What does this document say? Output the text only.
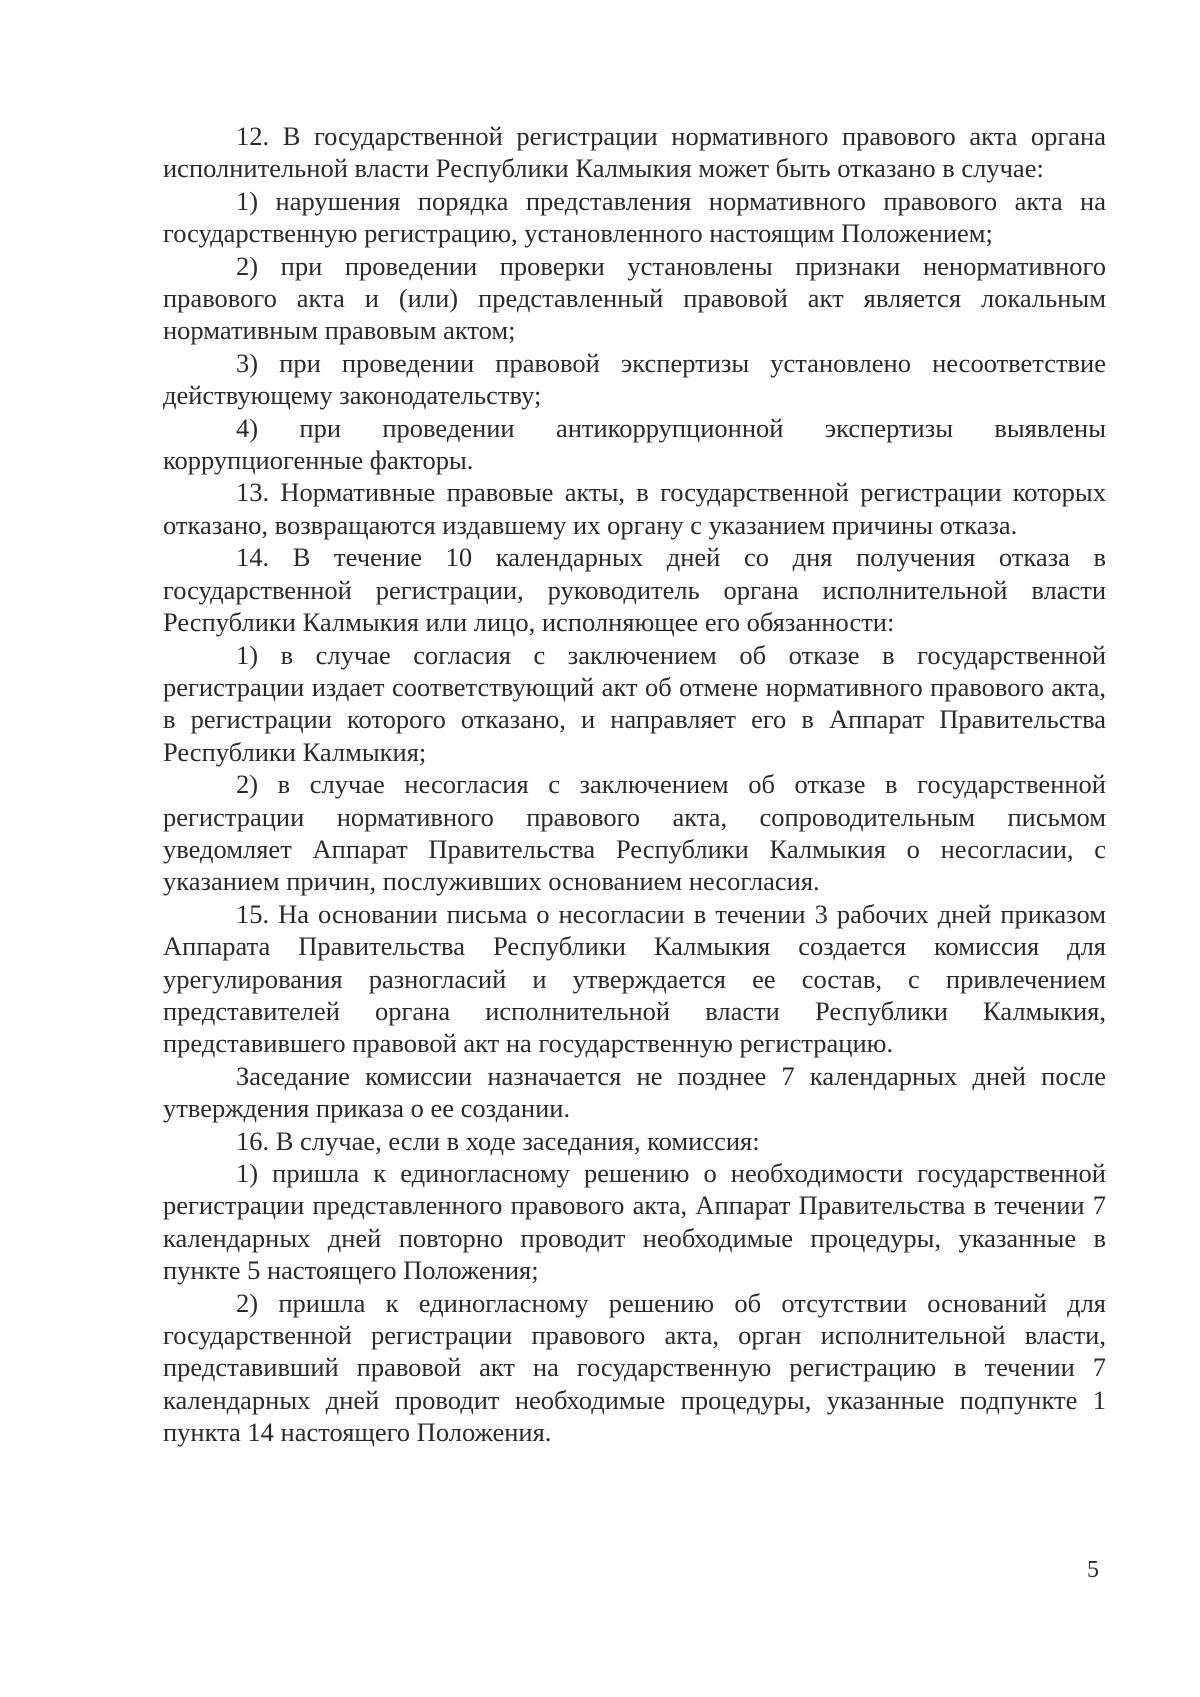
12. В государственной регистрации нормативного правового акта органа исполнительной власти Республики Калмыкия может быть отказано в случае:

1) нарушения порядка представления нормативного правового акта на государственную регистрацию, установленного настоящим Положением;

2) при проведении проверки установлены признаки ненормативного правового акта и (или) представленный правовой акт является локальным нормативным правовым актом;

3) при проведении правовой экспертизы установлено несоответствие действующему законодательству;

4) при проведении антикоррупционной экспертизы выявлены коррупциогенные факторы.

13. Нормативные правовые акты, в государственной регистрации которых отказано, возвращаются издавшему их органу с указанием причины отказа.

14. В течение 10 календарных дней со дня получения отказа в государственной регистрации, руководитель органа исполнительной власти Республики Калмыкия или лицо, исполняющее его обязанности:

1) в случае согласия с заключением об отказе в государственной регистрации издает соответствующий акт об отмене нормативного правового акта, в регистрации которого отказано, и направляет его в Аппарат Правительства Республики Калмыкия;

2) в случае несогласия с заключением об отказе в государственной регистрации нормативного правового акта, сопроводительным письмом уведомляет Аппарат Правительства Республики Калмыкия о несогласии, с указанием причин, послуживших основанием несогласия.

15. На основании письма о несогласии в течении 3 рабочих дней приказом Аппарата Правительства Республики Калмыкия создается комиссия для урегулирования разногласий и утверждается ее состав, с привлечением представителей органа исполнительной власти Республики Калмыкия, представившего правовой акт на государственную регистрацию.

Заседание комиссии назначается не позднее 7 календарных дней после утверждения приказа о ее создании.

16. В случае, если в ходе заседания, комиссия:

1) пришла к единогласному решению о необходимости государственной регистрации представленного правового акта, Аппарат Правительства в течении 7 календарных дней повторно проводит необходимые процедуры, указанные в пункте 5 настоящего Положения;

2) пришла к единогласному решению об отсутствии оснований для государственной регистрации правового акта, орган исполнительной власти, представивший правовой акт на государственную регистрацию в течении 7 календарных дней проводит необходимые процедуры, указанные подпункте 1 пункта 14 настоящего Положения.

5
